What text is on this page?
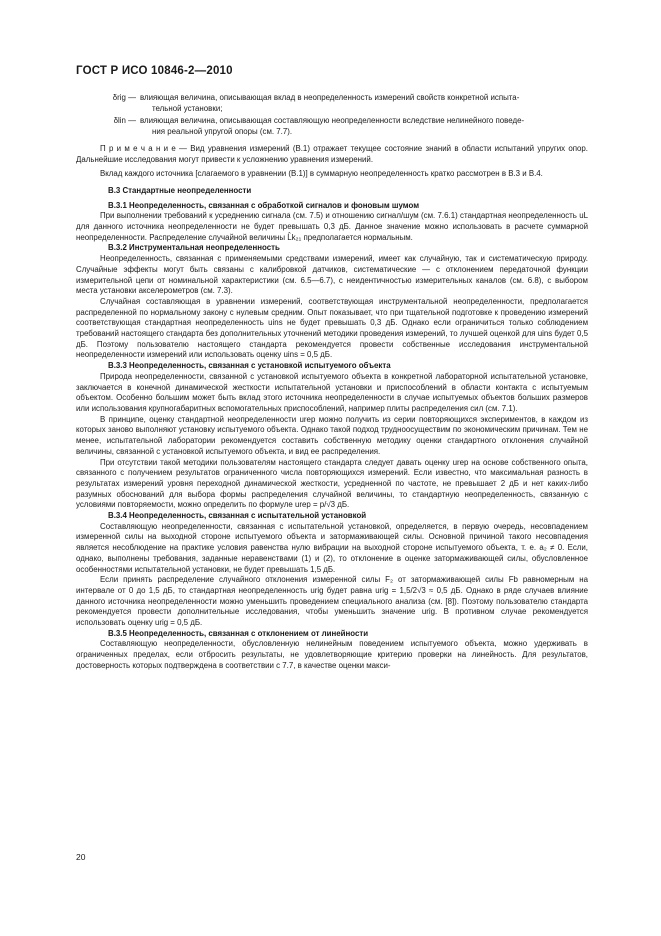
ГОСТ Р ИСО 10846-2—2010
δrig — влияющая величина, описывающая вклад в неопределенность измерений свойств конкретной испыта-
тельной установки;
δlin — влияющая величина, описывающая составляющую неопределенности вследствие нелинейного поведе-
ния реальной упругой опоры (см. 7.7).

П р и м е ч а н и е — Вид уравнения измерений (В.1) отражает текущее состояние знаний в области испытаний упругих опор. Дальнейшие исследования могут привести к усложнению уравнения измерений.

Вклад каждого источника [слагаемого в уравнении (В.1)] в суммарную неопределенность кратко рассмотрен в В.3 и В.4.

В.3 Стандартные неопределенности

В.3.1 Неопределенность, связанная с обработкой сигналов и фоновым шумом

При выполнении требований к усреднению сигнала (см. 7.5) и отношению сигнал/шум (см. 7.6.1) стандартная неопределенность uL для данного источника неопределенности не будет превышать 0,3 дБ. Данное значение можно использовать в расчете суммарной неопределенности. Распределение случайной величины L̂k₂₁ предполагается нормальным.

В.3.2 Инструментальная неопределенность

Неопределенность, связанная с применяемыми средствами измерений, имеет как случайную, так и систематическую природу. Случайные эффекты могут быть связаны с калибровкой датчиков, систематические — с отклонением передаточной функции измерительной цепи от номинальной характеристики (см. 6.5—6.7), с неидентичностью измерительных каналов (см. 6.8), с выбором места установки акселерометров (см. 7.3).

Случайная составляющая в уравнении измерений, соответствующая инструментальной неопределенности, предполагается распределенной по нормальному закону с нулевым средним. Опыт показывает, что при тщательной подготовке к проведению измерений соответствующая стандартная неопределенность uins не будет превышать 0,3 дБ. Однако если ограничиться только соблюдением требований настоящего стандарта без дополнительных уточнений методики проведения измерений, то лучшей оценкой для uins будет 0,5 дБ. Поэтому пользователю настоящего стандарта рекомендуется провести собственные исследования инструментальной неопределенности измерений или использовать оценку uins = 0,5 дБ.

В.3.3 Неопределенность, связанная с установкой испытуемого объекта

Природа неопределенности, связанной с установкой испытуемого объекта в конкретной лабораторной испытательной установке, заключается в конечной динамической жесткости испытательной установки и приспособлений в области контакта с испытуемым объектом. Особенно большим может быть вклад этого источника неопределенности в случае испытуемых объектов больших размеров или использования крупногабаритных вспомогательных приспособлений, например плиты распределения сил (см. 7.1).

В принципе, оценку стандартной неопределенности urep можно получить из серии повторяющихся экспериментов, в каждом из которых заново выполняют установку испытуемого объекта. Однако такой подход труднoосуществим по экономическим причинам. Тем не менее, испытательной лаборатории рекомендуется составить собственную методику оценки стандартного отклонения случайной величины, связанной с установкой испытуемого объекта, и вид ее распределения.

При отсутствии такой методики пользователям настоящего стандарта следует давать оценку urep на основе собственного опыта, связанного с получением результатов ограниченного числа повторяющихся измерений. Если известно, что максимальная разность в результатах измерений уровня переходной динамической жесткости, усредненной по частоте, не превышает 2 дБ и нет каких-либо разумных обоснований для выбора формы распределения случайной величины, то стандартную неопределенность, связанную с условиями повторяемости, можно определить по формуле urep = p/√3 дБ.

В.3.4 Неопределенность, связанная с испытательной установкой

Составляющую неопределенности, связанная с испытательной установкой, определяется, в первую очередь, несовпадением измеренной силы на выходной стороне испытуемого объекта и затормаживающей силы. Основной причиной такого несовпадения является несоблюдение на практике условия равенства нулю вибрации на выходной стороне испытуемого объекта, т. е. a₂ ≠ 0. Если, однако, выполнены требования, заданные неравенствами (1) и (2), то отклонение в оценке затормаживающей силы, обусловленное особенностями испытательной установки, не будет превышать 1,5 дБ.

Если принять распределение случайного отклонения измеренной силы F₂ от затормаживающей силы Fb равномерным на интервале от 0 до 1,5 дБ, то стандартная неопределенность urig будет равна urig = 1,5/2√3 ≈ 0,5 дБ. Однако в ряде случаев влияние данного источника неопределенности можно уменьшить проведением специального анализа (см. [8]). Поэтому пользователю стандарта рекомендуется провести дополнительные исследования, чтобы уменьшить значение urig. В противном случае рекомендуется использовать оценку urig = 0,5 дБ.

В.3.5 Неопределенность, связанная с отклонением от линейности

Составляющую неопределенности, обусловленную нелинейным поведением испытуемого объекта, можно удерживать в ограниченных пределах, если отбросить результаты, не удовлетворяющие критерию проверки на линейность. Для результатов, достоверность которых подтверждена в соответствии с 7.7, в качестве оценки макси-

20
